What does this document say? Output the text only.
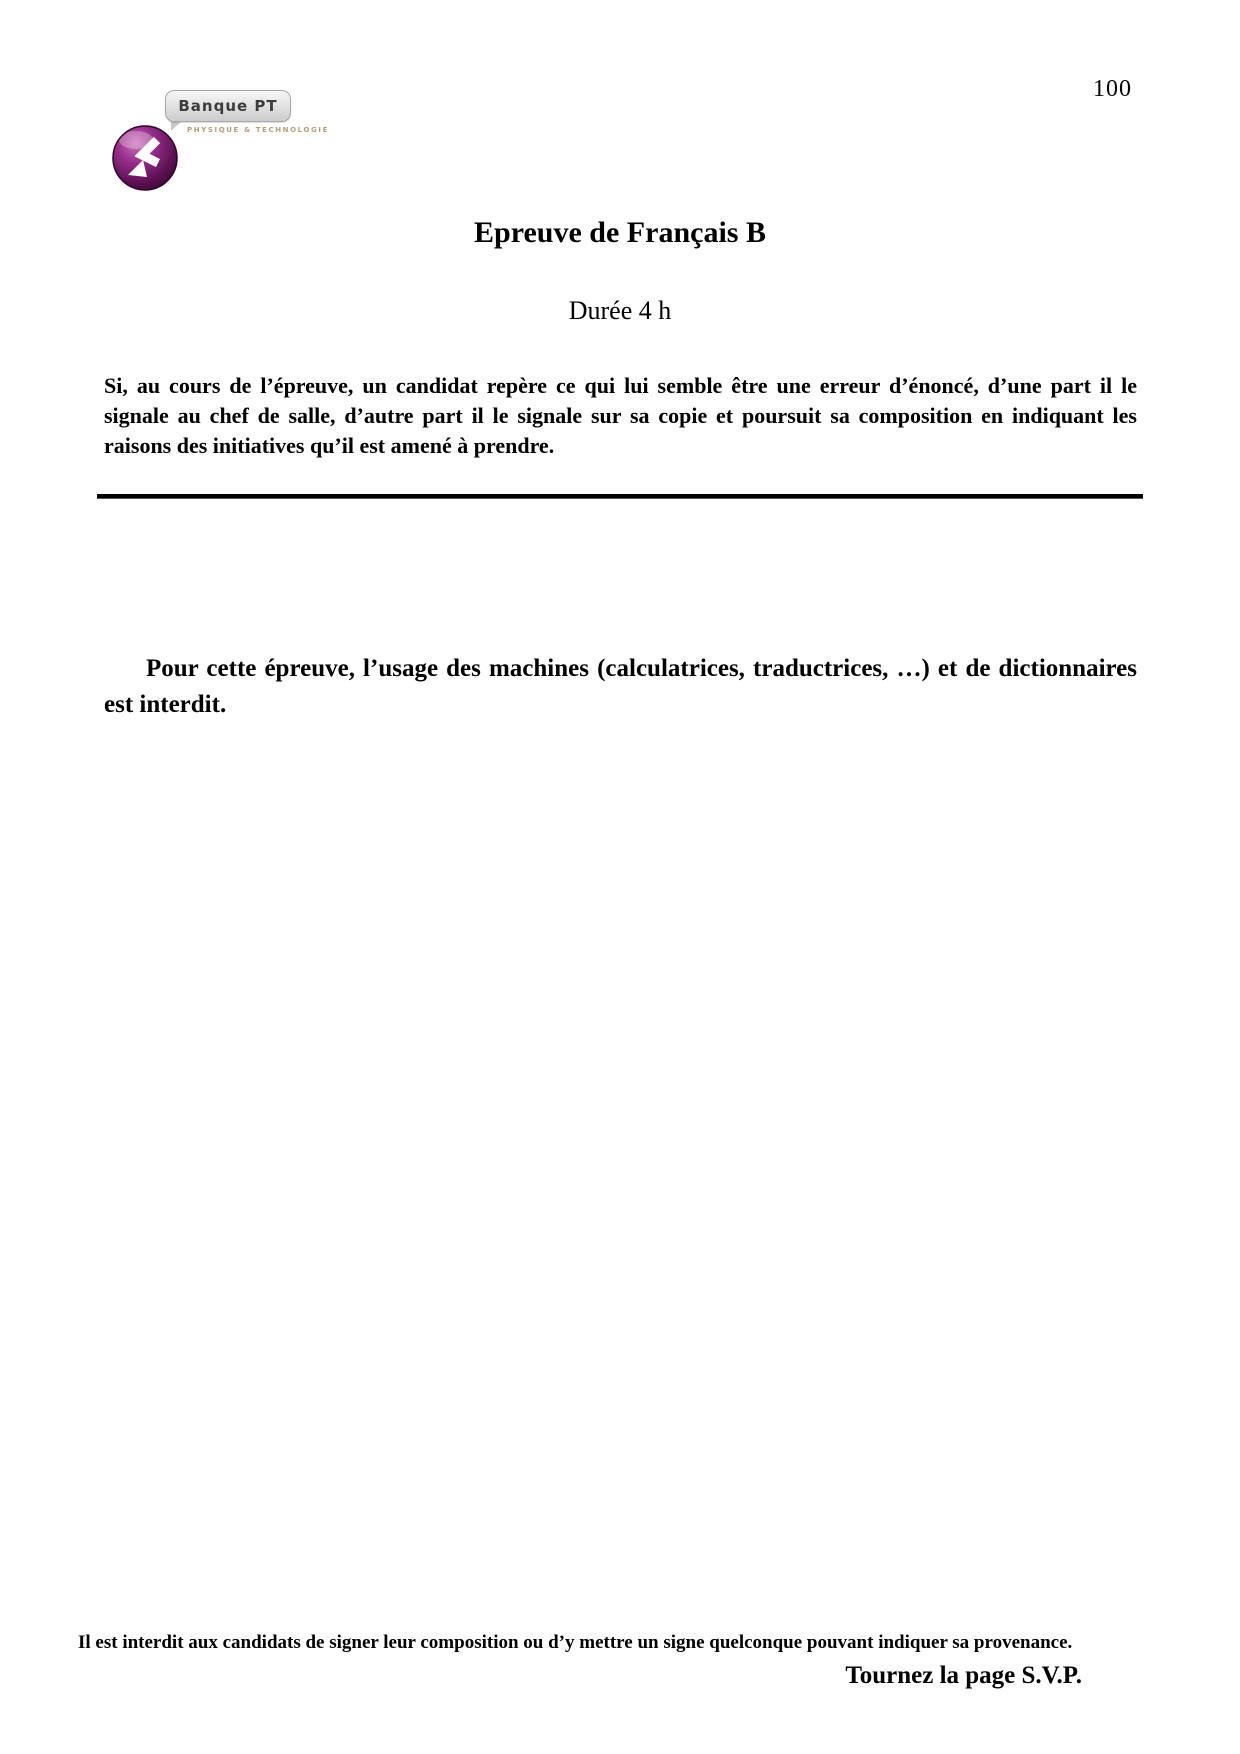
100
Banque PT
PHYSIQUE & TECHNOLOGIE
Epreuve de Français B
Durée 4 h
Si, au cours de l’épreuve, un candidat repère ce qui lui semble être une erreur d’énoncé, d’une part il le signale au chef de salle, d’autre part il le signale sur sa copie et poursuit sa composition en indiquant les raisons des initiatives qu’il est amené à prendre.
Pour cette épreuve, l’usage des machines (calculatrices, traductrices, …) et de dictionnaires est interdit.
Il est interdit aux candidats de signer leur composition ou d’y mettre un signe quelconque pouvant indiquer sa provenance.
Tournez la page S.V.P.
